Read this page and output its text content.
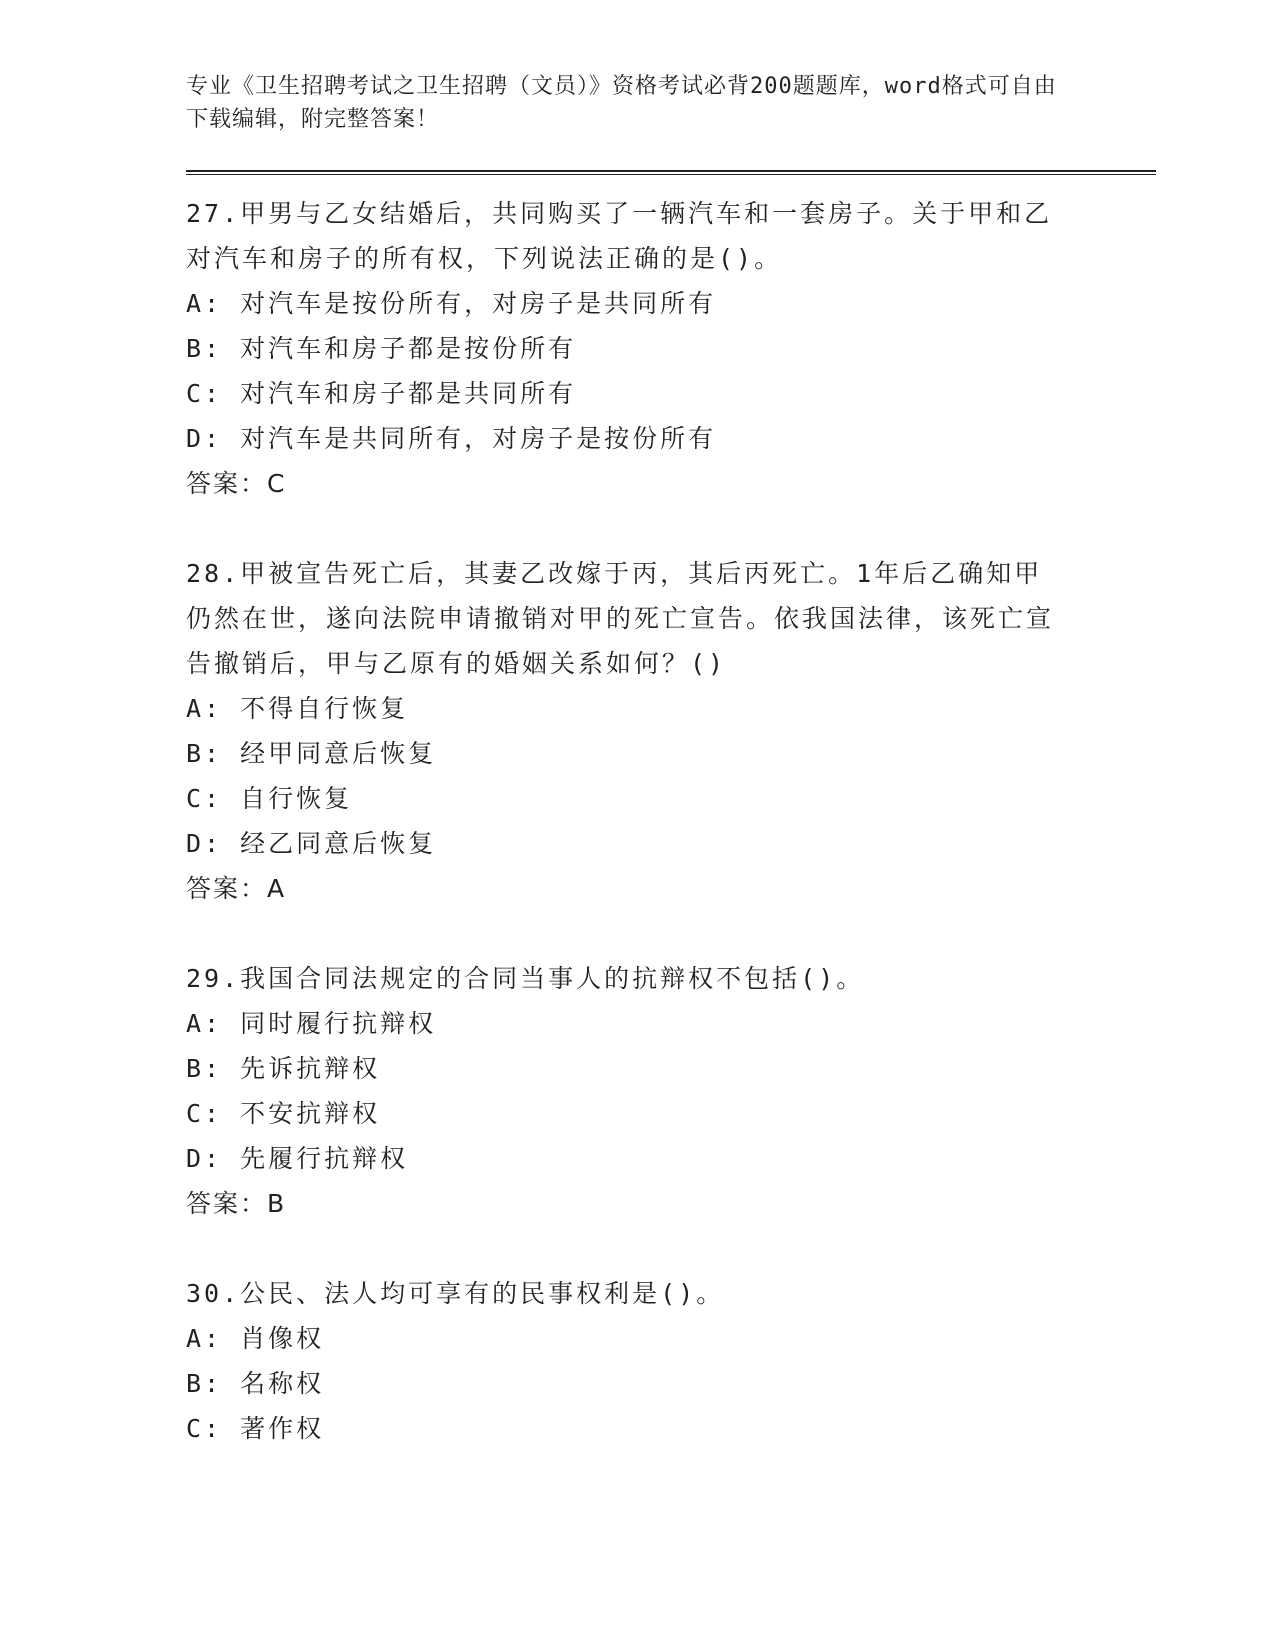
专业《卫生招聘考试之卫生招聘（文员）》资格考试必背200题题库，word格式可自由下载编辑，附完整答案！
27.甲男与乙女结婚后，共同购买了一辆汽车和一套房子。关于甲和乙对汽车和房子的所有权，下列说法正确的是()。
A: 对汽车是按份所有，对房子是共同所有
B: 对汽车和房子都是按份所有
C: 对汽车和房子都是共同所有
D: 对汽车是共同所有，对房子是按份所有
答案：C
28.甲被宣告死亡后，其妻乙改嫁于丙，其后丙死亡。1年后乙确知甲仍然在世，遂向法院申请撤销对甲的死亡宣告。依我国法律，该死亡宣告撤销后，甲与乙原有的婚姻关系如何？()
A: 不得自行恢复
B: 经甲同意后恢复
C: 自行恢复
D: 经乙同意后恢复
答案：A
29.我国合同法规定的合同当事人的抗辩权不包括()。
A: 同时履行抗辩权
B: 先诉抗辩权
C: 不安抗辩权
D: 先履行抗辩权
答案：B
30.公民、法人均可享有的民事权利是()。
A: 肖像权
B: 名称权
C: 著作权
